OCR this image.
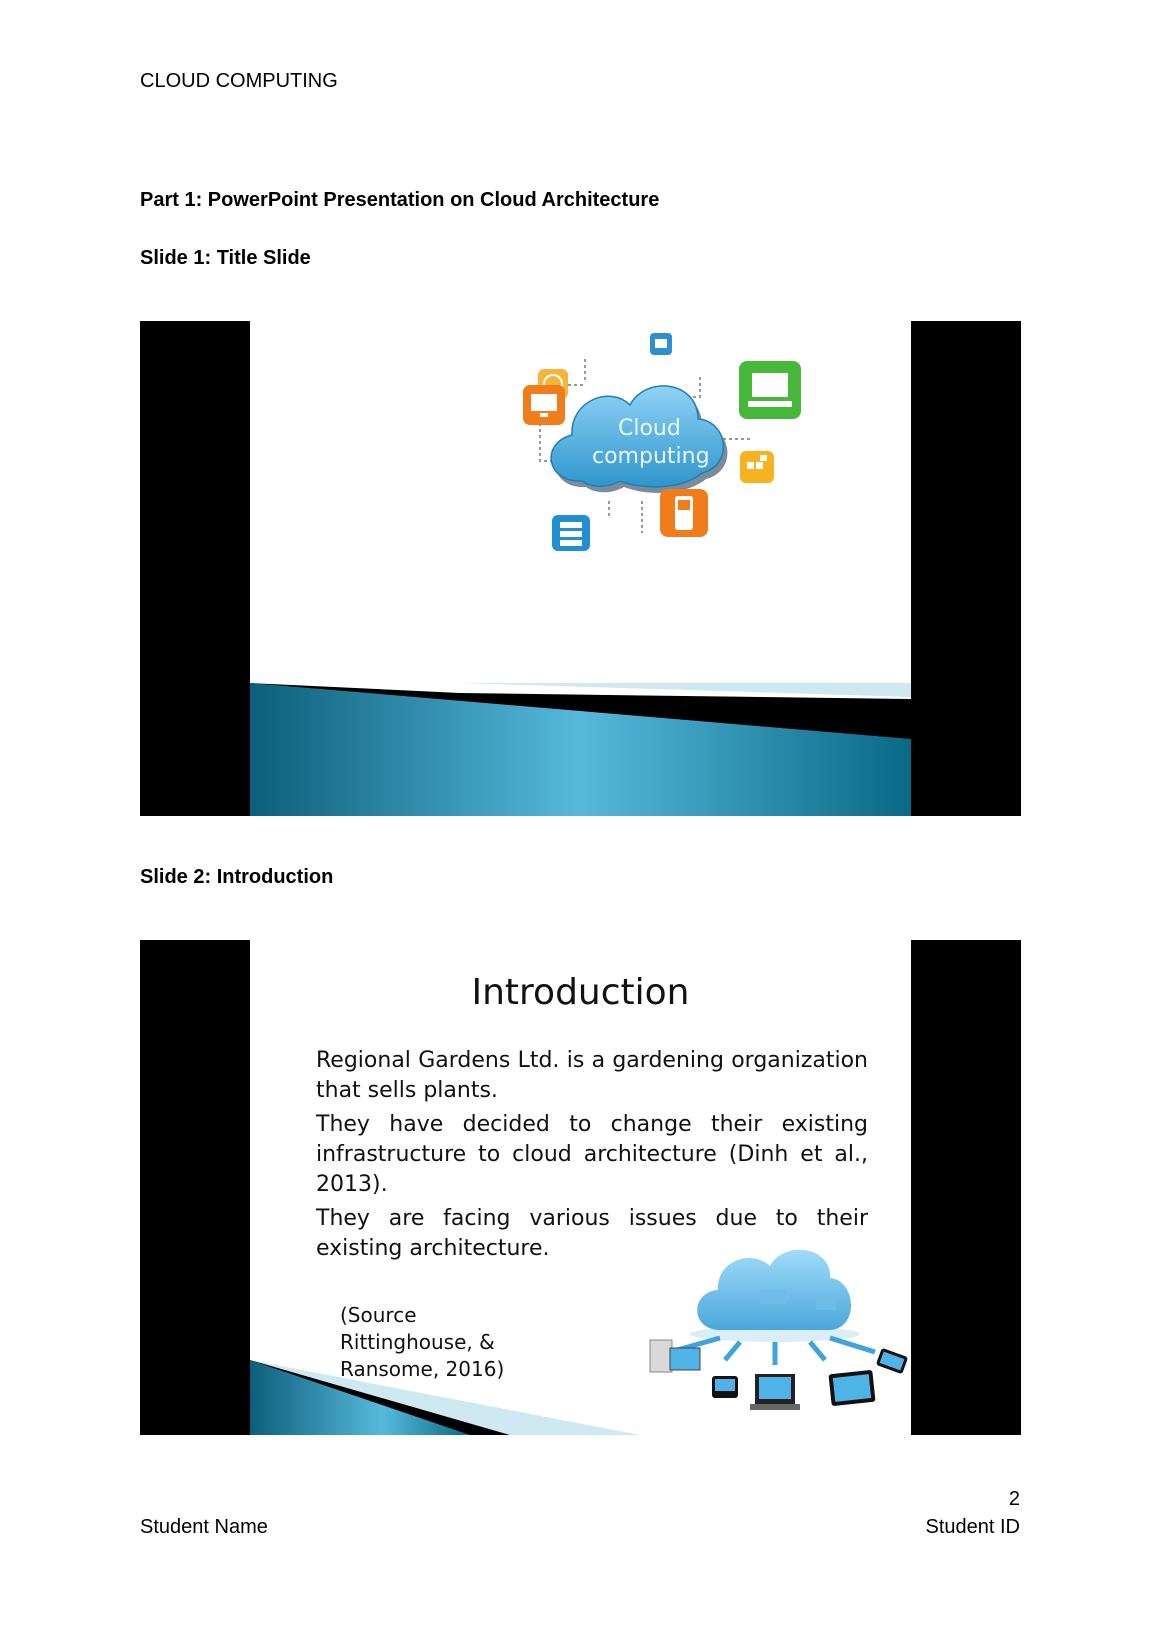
CLOUD COMPUTING
Part 1: PowerPoint Presentation on Cloud Architecture
Slide 1: Title Slide
Cloud
computing
Slide 2: Introduction
Introduction

Regional Gardens Ltd. is a gardening organization that sells plants.

They have decided to change their existing infrastructure to cloud architecture (Dinh et al., 2013).

They are facing various issues due to their existing architecture.

(Source
Rittinghouse, &
Ransome, 2016)
2
Student Name	Student ID
